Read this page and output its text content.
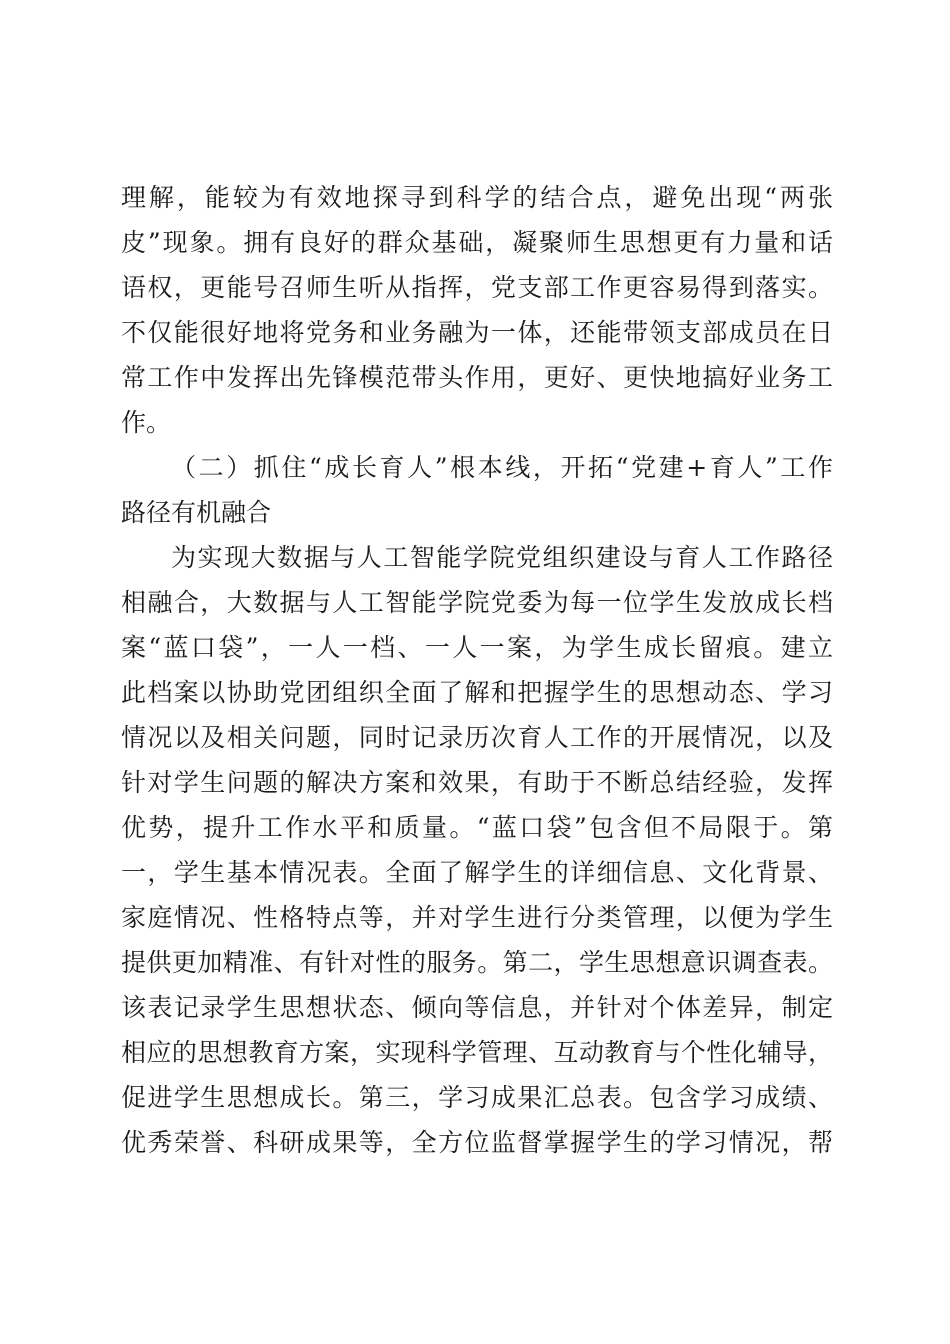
理解，能较为有效地探寻到科学的结合点，避免出现“两张
皮”现象。拥有良好的群众基础，凝聚师生思想更有力量和话
语权，更能号召师生听从指挥，党支部工作更容易得到落实。
不仅能很好地将党务和业务融为一体，还能带领支部成员在日
常工作中发挥出先锋模范带头作用，更好、更快地搞好业务工
作。
（二）抓住“成长育人”根本线，开拓“党建+育人”工作
路径有机融合
为实现大数据与人工智能学院党组织建设与育人工作路径
相融合，大数据与人工智能学院党委为每一位学生发放成长档
案“蓝口袋”，一人一档、一人一案，为学生成长留痕。建立
此档案以协助党团组织全面了解和把握学生的思想动态、学习
情况以及相关问题，同时记录历次育人工作的开展情况，以及
针对学生问题的解决方案和效果，有助于不断总结经验，发挥
优势，提升工作水平和质量。“蓝口袋”包含但不局限于。第
一，学生基本情况表。全面了解学生的详细信息、文化背景、
家庭情况、性格特点等，并对学生进行分类管理，以便为学生
提供更加精准、有针对性的服务。第二，学生思想意识调查表。
该表记录学生思想状态、倾向等信息，并针对个体差异，制定
相应的思想教育方案，实现科学管理、互动教育与个性化辅导，
促进学生思想成长。第三，学习成果汇总表。包含学习成绩、
优秀荣誉、科研成果等，全方位监督掌握学生的学习情况，帮
